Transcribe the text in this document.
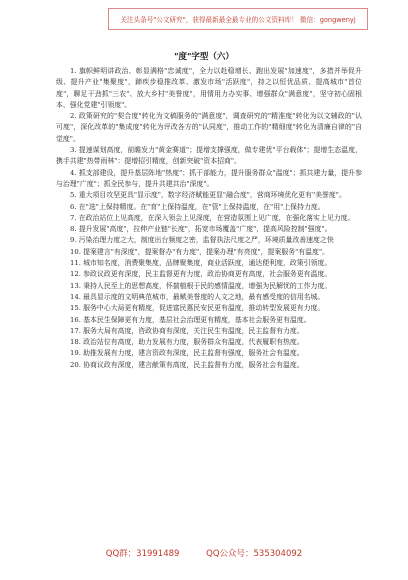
关注头条号"公文研究"，获得最新最全最专业的公文资料库！ 微信：gongwenyj
"度"字型（六）

1. 旗帜鲜明讲政治、彰显满格"忠诚度"，全力以赴稳增长、跑出发展"加速度"，多措并举促升级、提升产业"集聚度"，蹄疾步稳推改革、激发市场"活跃度"，持之以恒优品质、提高城市"首位度"，聊足干劲抓"三农"、放大乡村"美誉度"，用情用力办实事、增强群众"满意度"，坚守初心固根本、强化党建"引领度"。

2. 政策研究的"契合度"转化为文稿服务的"满意度"，调查研究的"精准度"转化为以文辅政的"认可度"，深化改革的"集成度"转化为评改各方的"认同度"，推动工作的"精细度"转化为清廉自律的"自觉度"。

3. 提速谋划高度，前瞻发力"黄金赛道"；提增支撑强度，做专建优"平台载体"；提增生态温度，携手共建"热带雨林"：提增招引精度，创新突破"资本招商"。

4. 抓支部建设，提升基层阵地"热度"；抓干部能力，提升服务群众"温度"；抓共建力量，提升参与治理"广度"；抓全民参与，提升共建共治"深度"。

5. 重大项目攻坚更具"显示度"，数字经济赋能更显"融合度"，营商环境优化更有"美誉度"。

6. 在"选"上保持精度。在"育"上保持温度，在"管"上保持温度，在"用"上保持力度。

7. 在政治站位上见高度，在深入领会上见深度，在营造氛围上见广度，在强化落实上见力度。

8. 提升发展"高度"，拉伸产业链"长度"，拓宽市场覆盖"广度"，提高风险控制"强度"。

9. 污染治理力度之大，制度出台频度之密，监督执法尺度之严，环境质量改善速度之快

10. 提案建言"有深度"，提案督办"有力度"，提案办理"有亮度"，提案服务"有温度"。

11. 城市知名度，消费聚集度，品牌聚集度，商业活跃度，通达便利度，政策引领度。

12. 参政议政更有深度，民主监督更有力度，政治协商更有高度，社会服务更有温度。

13. 秉持人民至上的思想高度，怀揣植根于民的感情温度，增强为民解忧的工作力度。

14. 最具显示度的文明典范城市，最赋美誉度的人文之地，最有感受度的信用名城。

15. 服务中心大局更有精度，促进富民惠民安民更有温度，推动转型发展更有力度。

16. 基本民生保障更有力度，基层社会治理更有精度，基本社会服务更有温度。

17. 服务大局有高度，咨政协商有深度，关注民生有温度，民主监督有力度。

18. 政治站位有高度，助力发展有力度，服务群众有温度，代表履职有热度。

19. 助推发展有力度，建言资政有深度，民主监督有强度，服务社会有温度。

20. 协商议政有深度，建言献策有高度，民主监督有力度，服务社会有温度。

QQ群：31991489	QQ公众号：535304092
